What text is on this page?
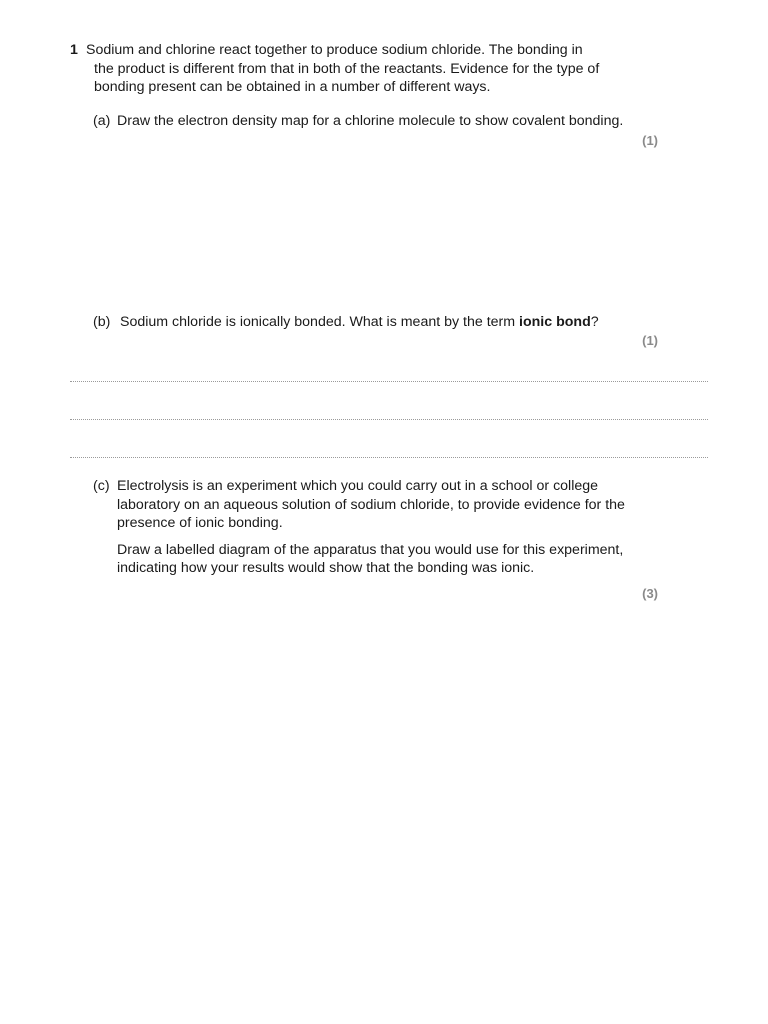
1 Sodium and chlorine react together to produce sodium chloride. The bonding in

the product is different from that in both of the reactants. Evidence for the type of

bonding present can be obtained in a number of different ways.

(a) Draw the electron density map for a chlorine molecule to show covalent bonding.
(1)
(b) Sodium chloride is ionically bonded. What is meant by the term ionic bond?
(1)
(c) Electrolysis is an experiment which you could carry out in a school or college
laboratory on an aqueous solution of sodium chloride, to provide evidence for the
presence of ionic bonding.
Draw a labelled diagram of the apparatus that you would use for this experiment,
indicating how your results would show that the bonding was ionic.
(3)
